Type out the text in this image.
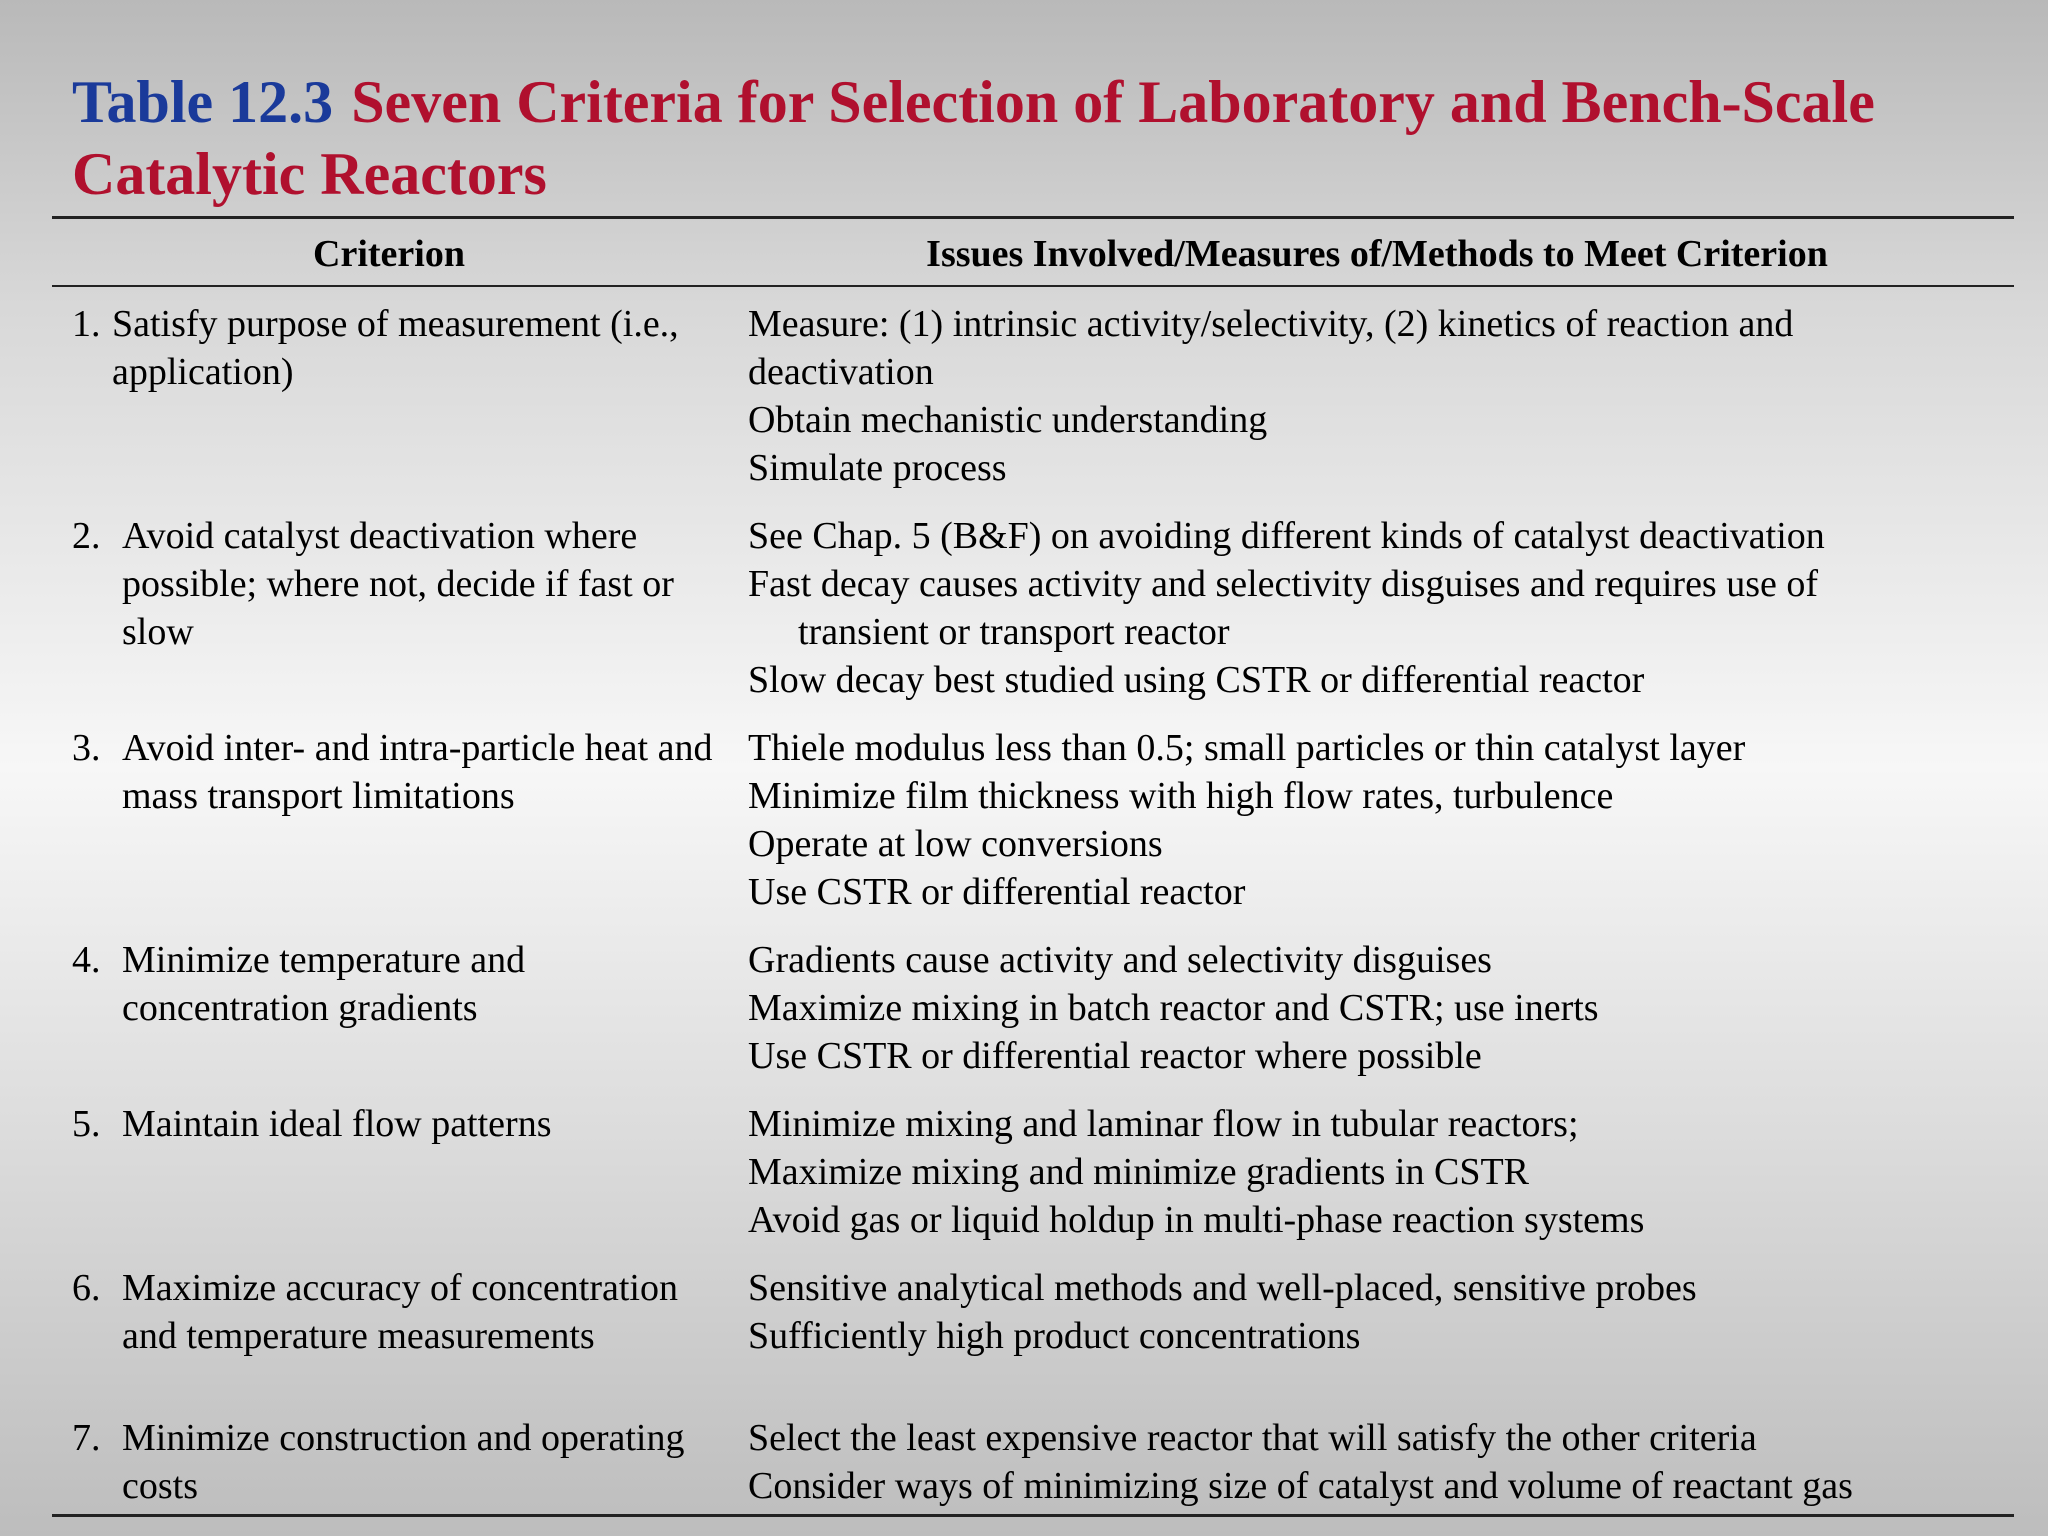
Table 12.3 Seven Criteria for Selection of Laboratory and Bench-Scale Catalytic Reactors
Criterion	Issues Involved/Measures of/Methods to Meet Criterion
1. Satisfy purpose of measurement (i.e., application)
Measure: (1) intrinsic activity/selectivity, (2) kinetics of reaction and
deactivation
Obtain mechanistic understanding
Simulate process
2. Avoid catalyst deactivation where possible; where not, decide if fast or slow
See Chap. 5 (B&F) on avoiding different kinds of catalyst deactivation
Fast decay causes activity and selectivity disguises and requires use of
transient or transport reactor
Slow decay best studied using CSTR or differential reactor
3. Avoid inter- and intra-particle heat and mass transport limitations
Thiele modulus less than 0.5; small particles or thin catalyst layer
Minimize film thickness with high flow rates, turbulence
Operate at low conversions
Use CSTR or differential reactor
4. Minimize temperature and concentration gradients
Gradients cause activity and selectivity disguises
Maximize mixing in batch reactor and CSTR; use inerts
Use CSTR or differential reactor where possible
5. Maintain ideal flow patterns	Minimize mixing and laminar flow in tubular reactors;
Maximize mixing and minimize gradients in CSTR
Avoid gas or liquid holdup in multi-phase reaction systems
6. Maximize accuracy of concentration and temperature measurements
Sensitive analytical methods and well-placed, sensitive probes
Sufficiently high product concentrations
7. Minimize construction and operating costs
Select the least expensive reactor that will satisfy the other criteria
Consider ways of minimizing size of catalyst and volume of reactant gas
